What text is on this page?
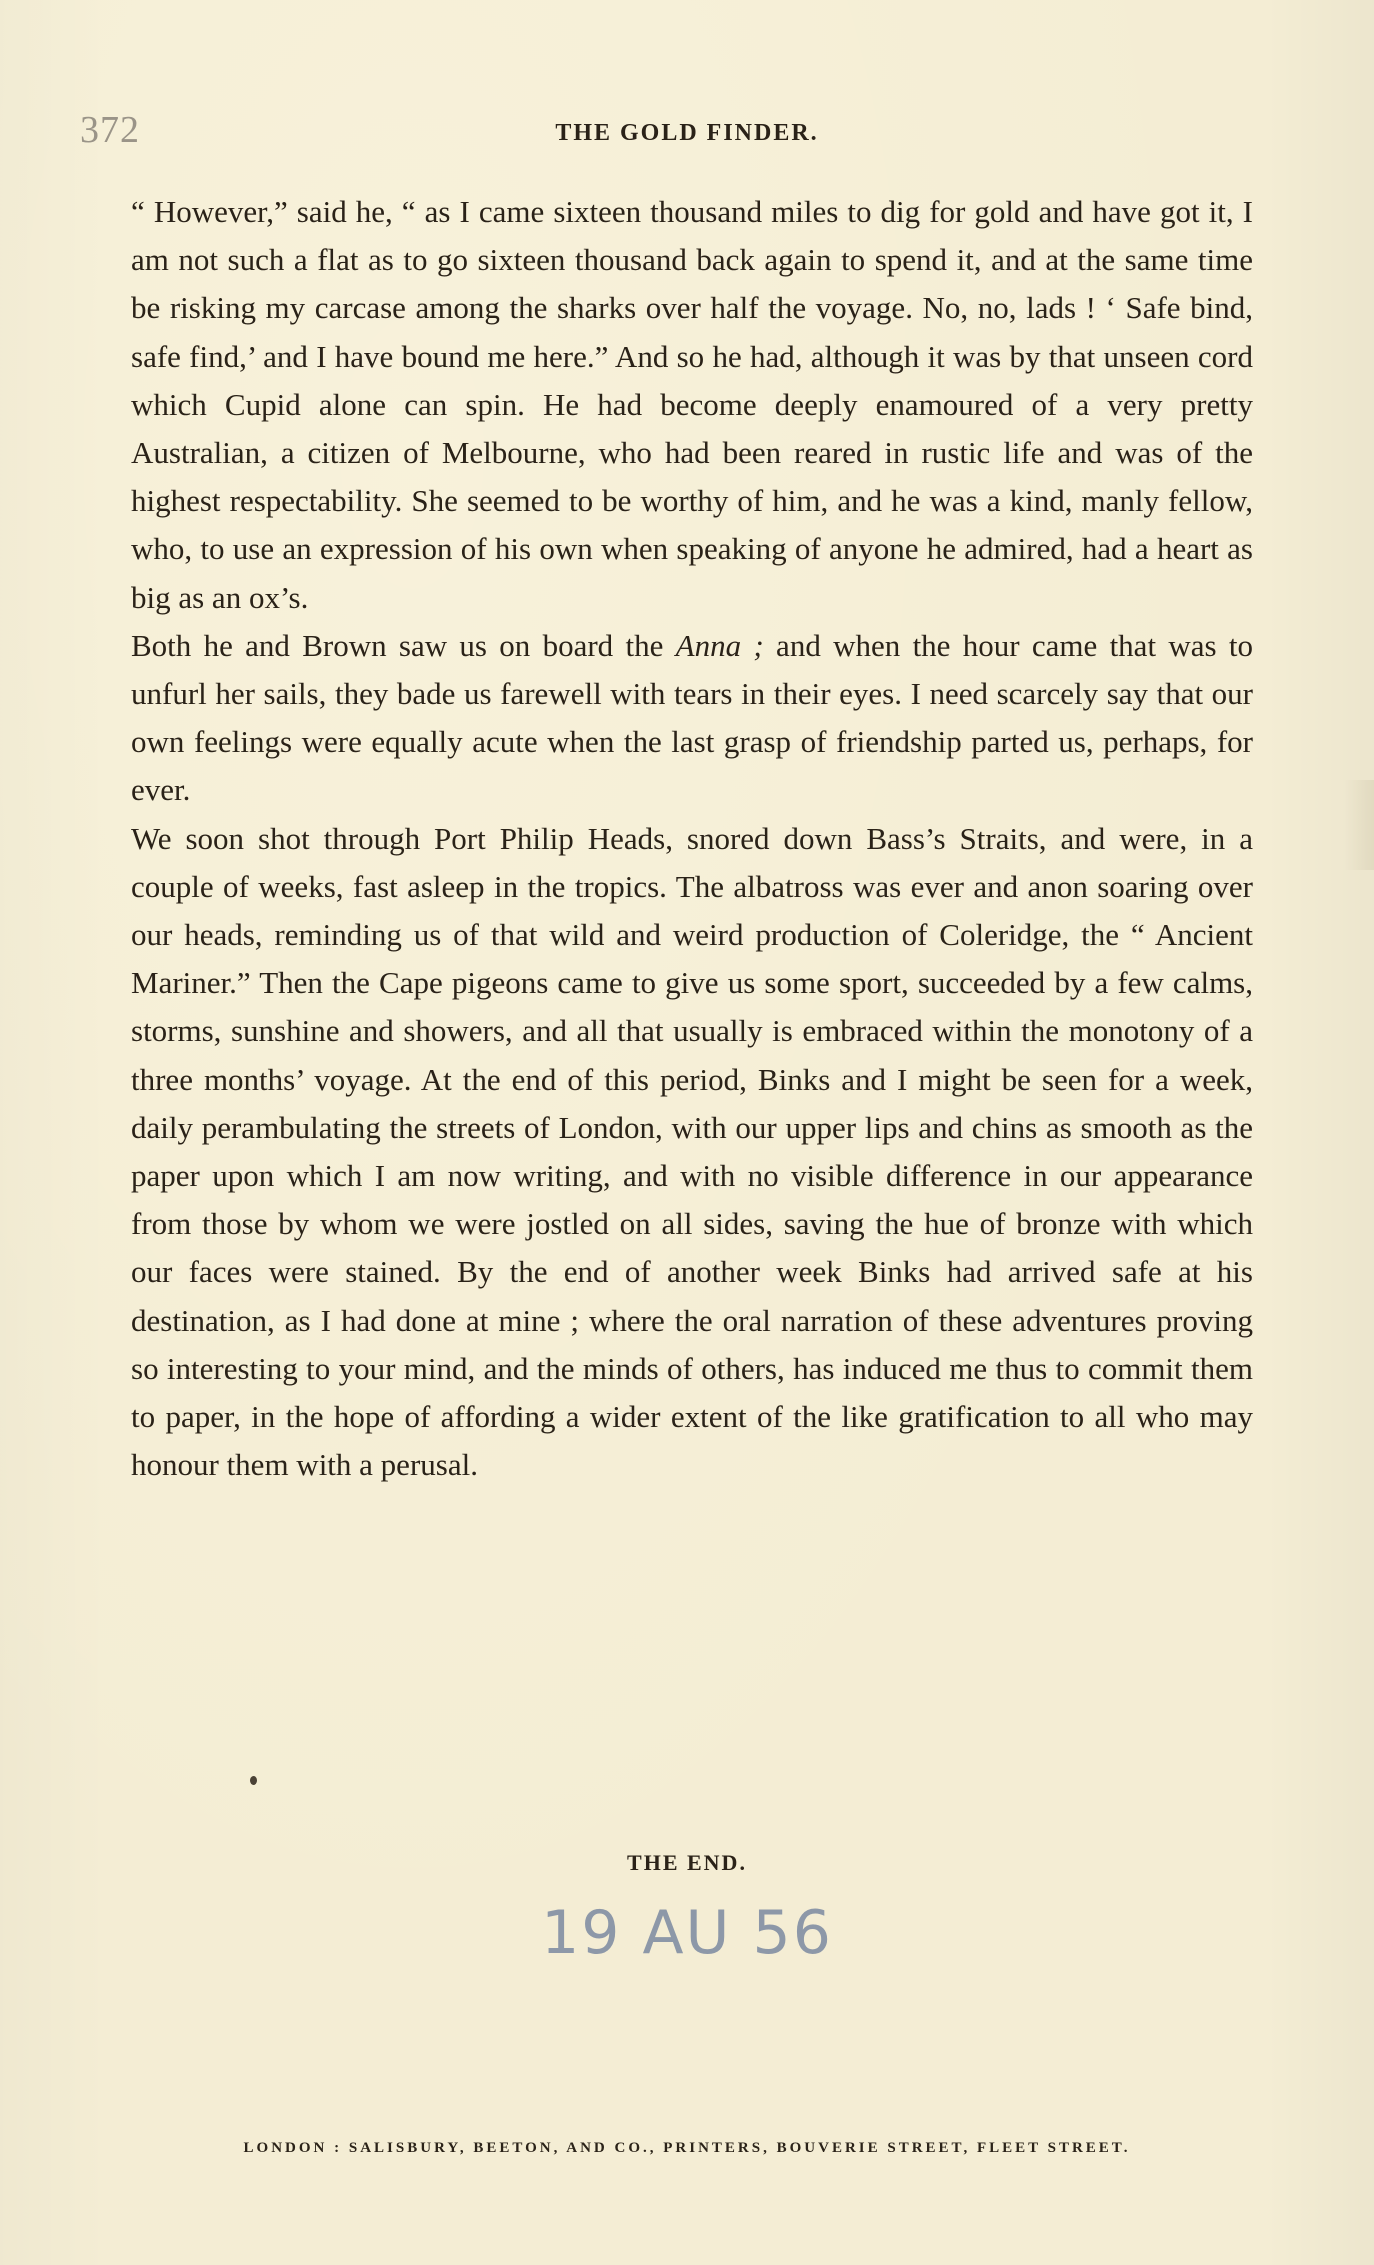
372	THE GOLD FINDER.

“ However,” said he, “ as I came sixteen thousand miles to dig for gold and have got it, I am not such a flat as to go sixteen thousand back again to spend it, and at the same time be risking my carcase among the sharks over half the voyage. No, no, lads ! ‘ Safe bind, safe find,’ and I have bound me here.” And so he had, although it was by that unseen cord which Cupid alone can spin. He had become deeply enamoured of a very pretty Australian, a citizen of Melbourne, who had been reared in rustic life and was of the highest respectability. She seemed to be worthy of him, and he was a kind, manly fellow, who, to use an expression of his own when speaking of anyone he admired, had a heart as big as an ox’s.

Both he and Brown saw us on board the Anna ; and when the hour came that was to unfurl her sails, they bade us farewell with tears in their eyes. I need scarcely say that our own feelings were equally acute when the last grasp of friendship parted us, perhaps, for ever.

We soon shot through Port Philip Heads, snored down Bass’s Straits, and were, in a couple of weeks, fast asleep in the tropics. The albatross was ever and anon soaring over our heads, reminding us of that wild and weird production of Coleridge, the “ Ancient Mariner.” Then the Cape pigeons came to give us some sport, succeeded by a few calms, storms, sunshine and showers, and all that usually is embraced within the monotony of a three months’ voyage. At the end of this period, Binks and I might be seen for a week, daily perambulating the streets of London, with our upper lips and chins as smooth as the paper upon which I am now writing, and with no visible difference in our appearance from those by whom we were jostled on all sides, saving the hue of bronze with which our faces were stained. By the end of another week Binks had arrived safe at his destination, as I had done at mine ; where the oral narration of these adventures proving so interesting to your mind, and the minds of others, has induced me thus to commit them to paper, in the hope of affording a wider extent of the like gratification to all who may honour them with a perusal.

THE END.
19 AU 56
LONDON : SALISBURY, BEETON, AND CO., PRINTERS, BOUVERIE STREET, FLEET STREET.
